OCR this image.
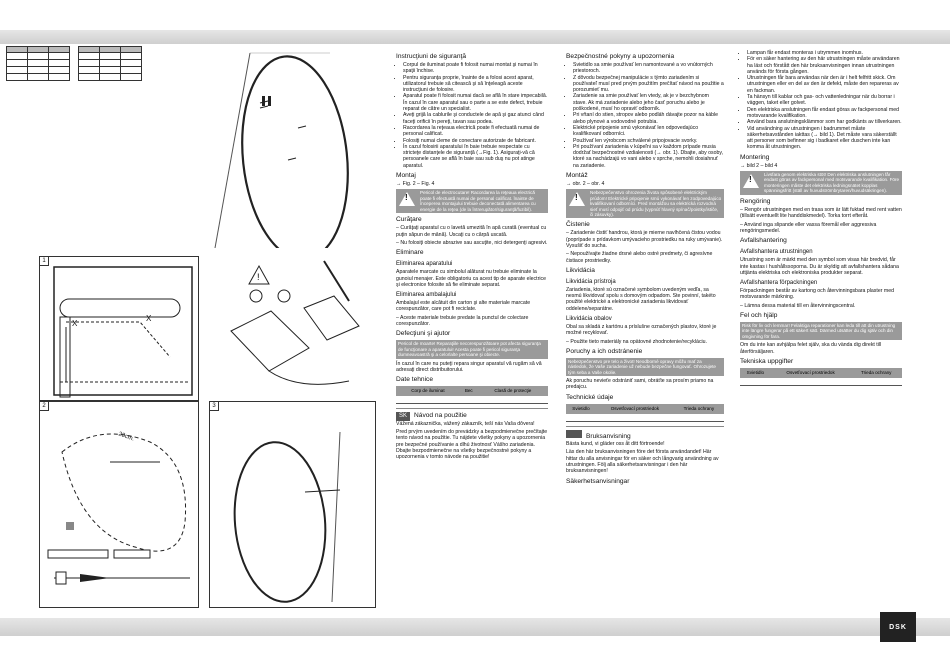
DSK

1
X
X
!
2
28cm.
3
Instrucţiuni de siguranţă
• Corpul de iluminat poate fi folosit numai montat şi numai în spaţii închise.
• Pentru siguranţa proprie, înainte de a folosi acest aparat, utilizatorul trebuie să citească şi să înţeleagă aceste instrucţiuni de folosire.
• Aparatul poate fi folosit numai dacă se află în stare impecabilă. În cazul în care aparatul sau o parte a se este defect, trebuie reparat de către un specialist.
• Aveţi grijă la cablurile şi conductele de apă şi gaz atunci când faceţi orificii în pereţi, tavan sau podea.
• Racordarea la reţeaua electrică poate fi efectuată numai de personal calificat.
• Folosiţi numai cleme de conectare autorizate de fabricant.
• În cazul folosirii aparatului în baie trebuie respectate cu stricteţe distanţele de siguranţă (→Fig. 1). Asiguraţi-vă că persoanele care se află în baie sau sub duş nu pot atinge aparatul.
Montaj

→ Fig. 2 – Fig. 4

!
Pericol de electrocutare! Racordarea la reţeaua electrică poate fi efectuată numai de personal calificat. Înainte de începerea montajului trebuie deconectată alimentarea cu energie de la reţea (de la întrerupător/siguranţă/fuzibil).
Curăţare

– Curăţaţi aparatul cu o lavetă umezită în apă curată (eventual cu puţin săpun de mână). Uscaţi cu o cârpă uscată.

– Nu folosiţi obiecte abrazive sau ascuţite, nici detergenţi agresivi.

Eliminare
Eliminarea aparatului

Aparatele marcate cu simbolul alăturat nu trebuie eliminate la gunoiul menajer. Este obligatoriu ca acest tip de aparate electrice şi electronice folosite să fie eliminate separat.

Eliminarea ambalajului

Ambalajul este alcătuit din carton şi alte materiale marcate corespunzător, care pot fi reciclate.

– Aceste materiale trebuie predate la punctul de colectare corespunzător.

Defecţiuni şi ajutor
Pericol de moarte! Reparaţiile necorespunzătoare pot afecta siguranţa de funcţionare a aparatului! Acesta poate fi pericol siguranţa dumneavoastră şi a celorlalte persoane şi obiecte.

În cazul în care nu puteţi repara singur aparatul vă rugăm să vă adresaţi direct distribuitorului.

Date tehnice
Corp de iluminat	Bec	Clasă de protecţie

SK Návod na použitie

Vážená zákaznička, vážený zákazník, teší nás Vaša dôvera!

Pred prvým uvedením do prevádzky a bezpodmienečne prečítajte tento návod na použitie. Tu nájdete všetky pokyny a upozornenia pre bezpečné používanie a dlhú životnosť Vášho zariadenia. Dbajte bezpodmienečne na všetky bezpečnostné pokyny a upozornenia v tomto návode na použitie!

Bezpečnostné pokyny a upozornenia
• Svietidlo sa smie používať len namontované a vo vnútorných priestoroch.
• Z dôvodu bezpečnej manipulácie s týmto zariadením si používateľ musí pred prvým použitím prečítať návod na použitie a porozumieť mu.
• Zariadenie sa smie používať len vtedy, ak je v bezchybnom stave. Ak má zariadenie alebo jeho časť poruchu alebo je poškodené, musí ho opraviť odborník.
• Pri vŕtaní do stien, stropov alebo podláh dávajte pozor na káble alebo plynové a vodovodné potrubia.
• Elektrické pripojenie smú vykonávať len odpovedajúco kvalifikovaní odborníci.
• Používať len výrobcom schválené pripojovacie svorky.
• Pri používaní zariadenia v kúpeľni sa v každom prípade musia dodržať bezpečnostné vzdialenosti (→ obr. 1). Dbajte, aby osoby, ktoré sa nachádzajú vo vani alebo v sprche, nemohli dosiahnuť na zariadenie.
Montáž

→ obr. 2 – obr. 4

!
Nebezpečenstvo ohrozenia života spôsobené elektrickým prúdom! Elektrické pripojenie smú vykonávať len zodpovedajúco kvalifikovaní odborníci. Pred montážou sa elektrická rozvodná sieť musí odpojiť od prúdu (vypnúť hlavný spínač/poistky/ističe, či zásuvky).
Čistenie

– Zariadenie čistiť handrou, ktorá je mierne navlhčená čistou vodou (poprípade s prídavkom umývacieho prostriedku na ruky umývanie). Vysušiť do sucha.

– Nepoužívajte žiadne drsné alebo ostré predmety, či agresívne čistiace prostriedky.

Likvidácia
Likvidácia prístroja

Zariadenia, ktoré sú označené symbolom uvedeným vedľa, sa nesmú likvidovať spolu s domovým odpadom. Ste povinní, takéto použité elektrické a elektronické zariadenia likvidovať oddelene/separátne.

Likvidácia obalov

Obal sa skladá z kartónu a príslušne označených plastov, ktoré je možné recyklovať.

– Použite tieto materiály na opätovné zhodnotenie/recykláciu.

Poruchy a ich odstránenie
Nebezpečenstvo pre telo a život! Neodborné opravy môžu mať za následok, že Vaše zariadenie už nebude bezpečne fungovať. Ohrozujete tým seba a Vaše okolie.

Ak poruchu nevieťe odstrániť sami, obráťte sa prosím priamo na predajcu.

Technické údaje
Svietidlo	Osvetľovací prostriedok	Trieda ochrany

Bruksanvisning

Bästa kund, vi gläder oss åt ditt förtroende!

Läs den här bruksanvisningen före det första användandet! Här hittar du alla anvisningar för en säker och långvarig användning av utrustningen. Följ alla säkerhetsanvisningar i den här bruksanvisningen!

Säkerhetsanvisningar
• Lampan får endast monteras i utrymmen inomhus.
• För en säker hantering av den här utrustningen måste användaren ha läst och förstått den här bruksanvisningen innan utrustningen används för första gången.
• Utrustningen får bara användas när den är i helt felfritt skick. Om utrustningen eller en del av den är defekt, måste den repareras av en fackman.
• Ta hänsyn till kablar och gas- och vattenledningar när du borrar i väggen, taket eller golvet.
• Den elektriska anslutningen får endast göras av fackpersonal med motsvarande kvalifikation.
• Använd bara anslutningsklämmor som har godkänts av tillverkaren.
• Vid användning av utrustningen i badrummet måste säkerhetsavstånden iakttas (→ bild 1). Det måste vara säkerställt att personer som befinner sig i badkaret eller duschen inte kan komma åt utrustningen.
Montering

→ bild 2 – bild 4

!
Livsfara genom elektriska stöt! Den elektriska anslutningen får endast göras av fackpersonal med motsvarande kvalifikation. Före monteringen måste det elektriska ledningsnätet kopplas spänningsfritt (ställ av huvudströmbrytaren/huvudsäkringen).
Rengöring

– Rengör utrustningen med en trasa som är lätt fuktad med rent vatten (tillsätt eventuellt lite handdiskmedel). Torka torrt efteråt.

– Använd inga slipande eller vassa föremål eller aggressiva rengöringsmedel.

Avfallshantering
Avfallshantera utrustningen

Utrustning som är märkt med den symbol som visas här bredvid, får inte kastas i hushållssoporna. Du är skyldig att avfallshantera sådana uttjänta elektriska och elektroniska produkter separat.

Avfallshantera förpackningen

Förpackningen består av kartong och återvinningsbara plaster med motsvarande märkning.

– Lämna dessa material till en återvinningscentral.

Fel och hjälp
Risk för liv och lemmar! Felaktiga reparationer kan leda till att din utrustning inte längre fungerar på ett säkert sätt. Därmed utsätter du dig själv och din omgivning för fara.

Om du inte kan avhjälpa felet själv, ska du vända dig direkt till återförsäljaren.

Tekniska uppgifter
Svietidlo	Osvetľovací prostriedok	Trieda ochrany
